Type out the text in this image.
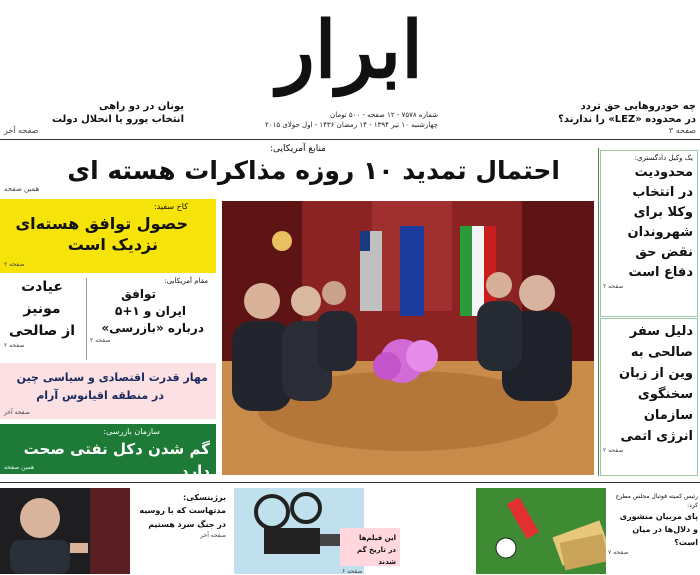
ابرار
شماره ۷۵۷۸ - ۱۲ صفحه - ۵۰۰ تومان
چهارشنبه ۱۰ تیر ۱۳۹۴ - ۱۴ رمضان ۱۴۳۶ - اول جولای ۲۰۱۵
یونان در دو راهی
انتخاب یورو یا انحلال دولت
صفحه آخر
چه خودروهایی حق تردد
در محدوده «LEZ» را ندارند؟
صفحه ۳
منابع آمریکایی:
احتمال تمدید ۱۰ روزه مذاکرات هسته ای
همین صفحه
کاخ سفید:
حصول توافق هسته‌ای
نزدیک است
صفحه ۲
عیادت
مونیز
از صالحی
صفحه ۲
مقام آمریکایی:
توافق
ایران و ۱+۵
درباره «بازرسی»
صفحه ۲
مهار قدرت اقتصادی و سیاسی چین
در منطقه اقیانوس آرام
صفحه آخر
سازمان بازرسی:
گم شدن دکل نفتی صحت دارد
همین صفحه
یک وکیل دادگستری:
محدودیت
در انتخاب
وکلا برای
شهروندان
نقض حق
دفاع است
صفحه ۲
دلیل سفر
صالحی به
وین از زبان
سخنگوی
سازمان
انرژی اتمی
صفحه ۲
برژینسکی:
مدتهاست که با روسیه
در جنگ سرد هستیم
صفحه آخر	این فیلم‌ها
در تاریخ گم شدند
صفحه ۶
رئیس کمیته فوتبال مجلس مطرح کرد:
پای مربیان منشوری
و دلال‌ها در میان است؟
صفحه ۷
